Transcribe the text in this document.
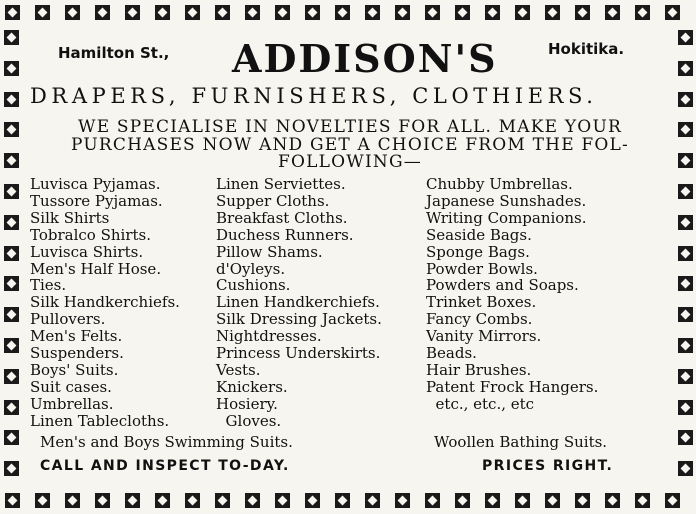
Hamilton St., ADDISON'S	Hokitika.
DRAPERS, FURNISHERS, CLOTHIERS.
WE SPECIALISE IN NOVELTIES FOR ALL. MAKE YOUR
PURCHASES NOW AND GET A CHOICE FROM THE FOL-
FOLLOWING—
Luvisca Pyjamas.
Tussore Pyjamas.
Silk Shirts
Tobralco Shirts.
Luvisca Shirts.
Men's Half Hose.
Ties.
Silk Handkerchiefs.
Pullovers.
Men's Felts.
Suspenders.
Boys' Suits.
Suit cases.
Umbrellas.
Linen Tablecloths.
Linen Serviettes.
Supper Cloths.
Breakfast Cloths.
Duchess Runners.
Pillow Shams.
d'Oyleys.
Cushions.
Linen Handkerchiefs.
Silk Dressing Jackets.
Nightdresses.
Princess Underskirts.
Vests.
Knickers.
Hosiery.
Gloves.
Chubby Umbrellas.
Japanese Sunshades.
Writing Companions.
Seaside Bags.
Sponge Bags.
Powder Bowls.
Powders and Soaps.
Trinket Boxes.
Fancy Combs.
Vanity Mirrors.
Beads.
Hair Brushes.
Patent Frock Hangers.
etc., etc., etc
Men's and Boys Swimming Suits.	Woollen Bathing Suits.
CALL AND INSPECT TO-DAY.	PRICES RIGHT.
